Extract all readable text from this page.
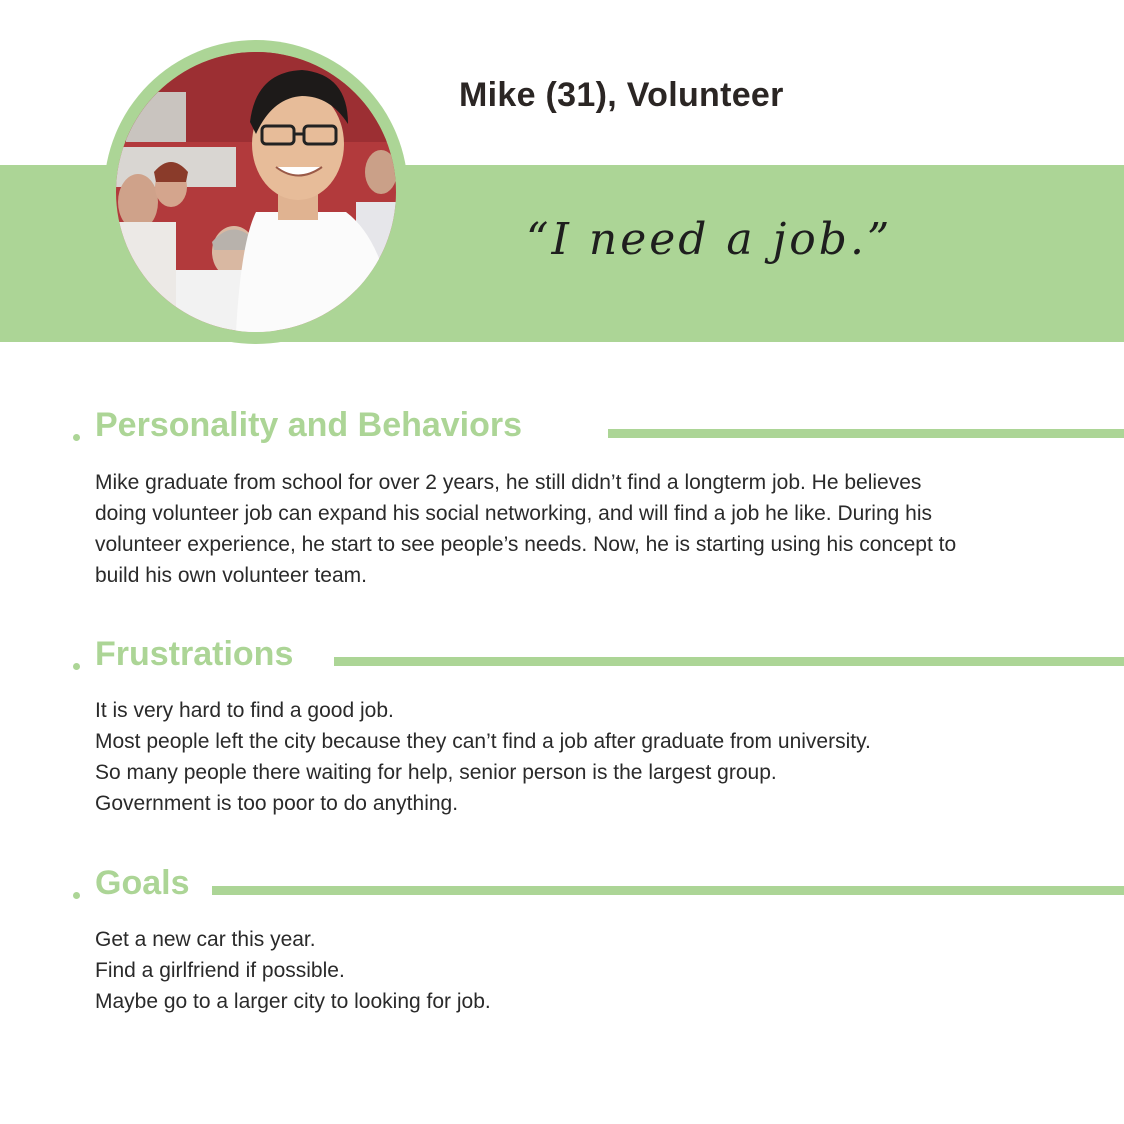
Mike (31), Volunteer
“I need a job.”
Personality and Behaviors
Mike graduate from school for over 2 years, he still didn’t find a longterm job. He believes
doing volunteer job can expand his social networking, and will find a job he like. During his
volunteer experience, he start to see people’s needs. Now, he is starting using his concept to
build his own volunteer team.
Frustrations
It is very hard to find a good job.
Most people left the city because they can’t find a job after graduate from university.
So many people there waiting for help, senior person is the largest group.
Government is too poor to do anything.
Goals
Get a new car this year.
Find a girlfriend if possible.
Maybe go to a larger city to looking for job.
